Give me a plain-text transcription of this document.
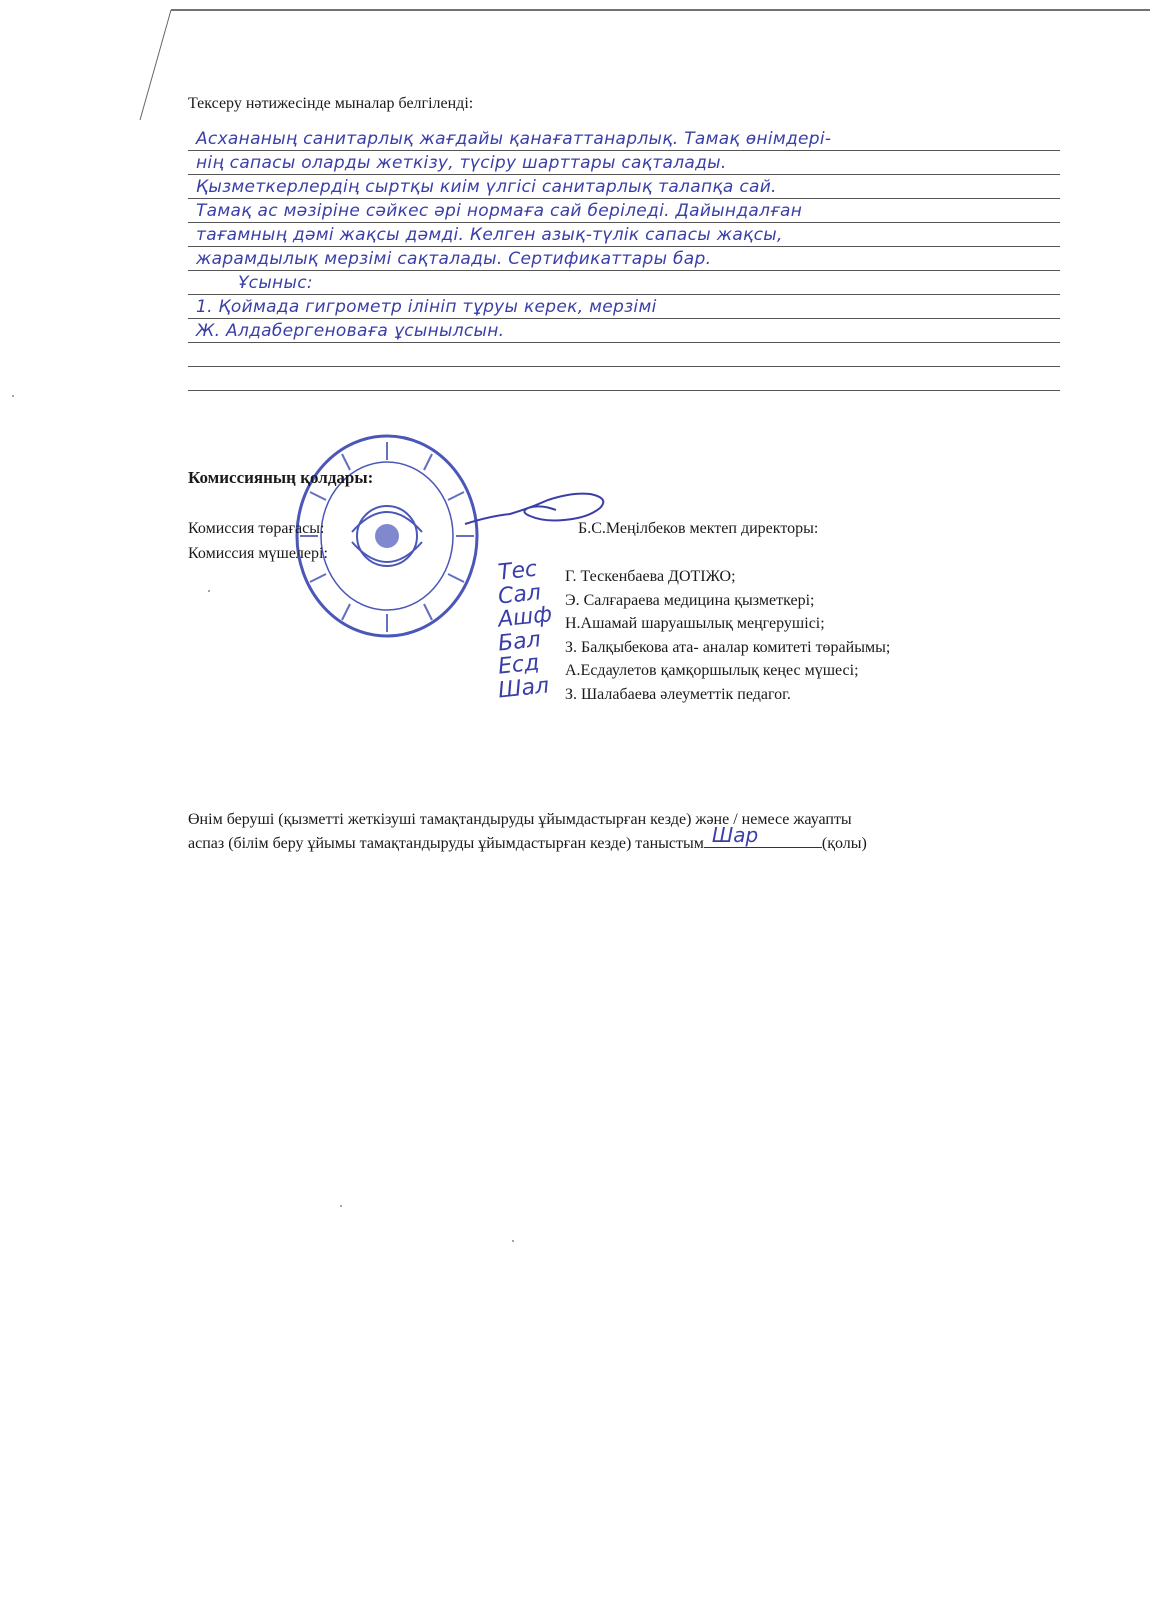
Тексеру нәтижесінде мыналар белгіленді:
Асхананың санитарлық жағдайы қанағаттанарлық. Тамақ өнімдері-
нің сапасы оларды жеткізу, түсіру шарттары сақталады.
Қызметкерлердің сыртқы киім үлгісі санитарлық талапқа сай.
Тамақ ас мәзіріне сәйкес әрі нормаға сай беріледі. Дайындалған
тағамның дәмі жақсы дәмді. Келген азық-түлік сапасы жақсы,
жарамдылық мерзімі сақталады. Сертификаттары бар.
Ұсыныс:
1. Қоймада гигрометр ілініп тұруы керек, мерзімі
Ж. Алдабергеноваға ұсынылсын.
Комиссияның қолдары:
Комиссия төрағасы:	Б.С.Меңілбеков мектеп директоры:
Комиссия мүшелері:
Тес
Сал
Ашф
Бал
Есд
Шал
Г. Тескенбаева ДОТІЖО;
Э. Салғараева медицина қызметкері;
Н.Ашамай шаруашылық меңгерушісі;
З. Балқыбекова ата- аналар комитеті төрайымы;
А.Есдаулетов қамқоршылық кеңес мүшесі;
З. Шалабаева әлеуметтік педагог.
Өнім беруші (қызметті жеткізуші тамақтандыруды ұйымдастырған кезде) және / немесе жауапты
аспаз (білім беру ұйымы тамақтандыруды ұйымдастырған кезде) таныстым Шар	(қолы)
